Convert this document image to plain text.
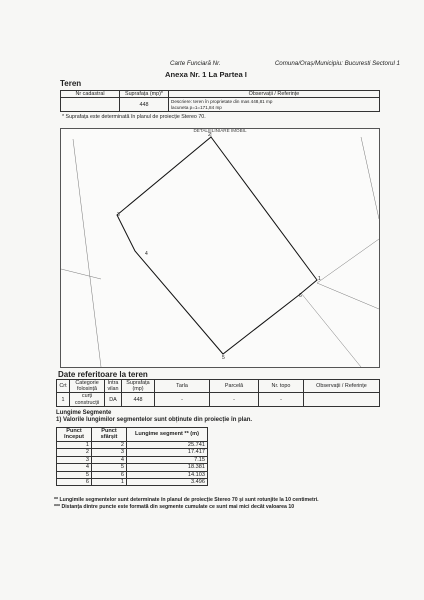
Carte Funciară Nr.	Comuna/Oraș/Municipiu: Bucuresti Sectorul 1
Anexa Nr. 1 La Partea I
Teren
Nr cadastral	Suprafața (mp)*	Observații / Referințe
	448	Descriere: teren în proprietate din mas 448,81 mp
lacuneta p=1=171,84 mp
* Suprafața este determinată în planul de proiecție Stereo 70.
DETALII LINIARE IMOBIL
2
1
6
5
4
3
Date referitoare la teren
Crt	Categorie folosință	Intra vilan	Suprafața (mp)	Tarla	Parcelă	Nr. topo	Observații / Referințe
1	curți construcții	DA	448	-	-	-	
Lungime Segmente
1) Valorile lungimilor segmentelor sunt obținute din proiecție în plan.
Punct început	Punct sfârșit	Lungime segment ** (m)
1	2	25.741
2	3	17.417
3	4	7.15
4	5	18.381
5	6	14.103
6	1	3.496
** Lungimile segmentelor sunt determinate în planul de proiecție Stereo 70 și sunt rotunjite la 10 centimetri.
*** Distanța dintre puncte este formată din segmente cumulate ce sunt mai mici decât valoarea 10
